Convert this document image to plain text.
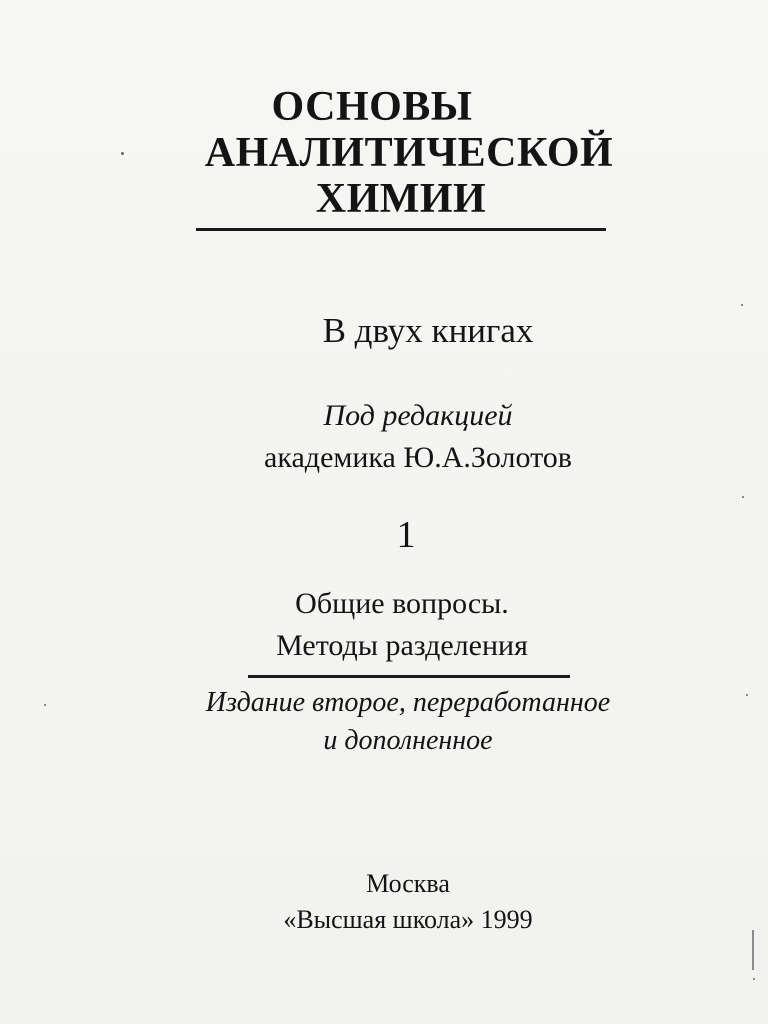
ОСНОВЫ
АНАЛИТИЧЕСКОЙ
ХИМИИ
В двух книгах
Под редакцией
академика Ю.А.Золотов
1
Общие вопросы.
Методы разделения
Издание второе, переработанное
и дополненное
Москва
«Высшая школа» 1999
